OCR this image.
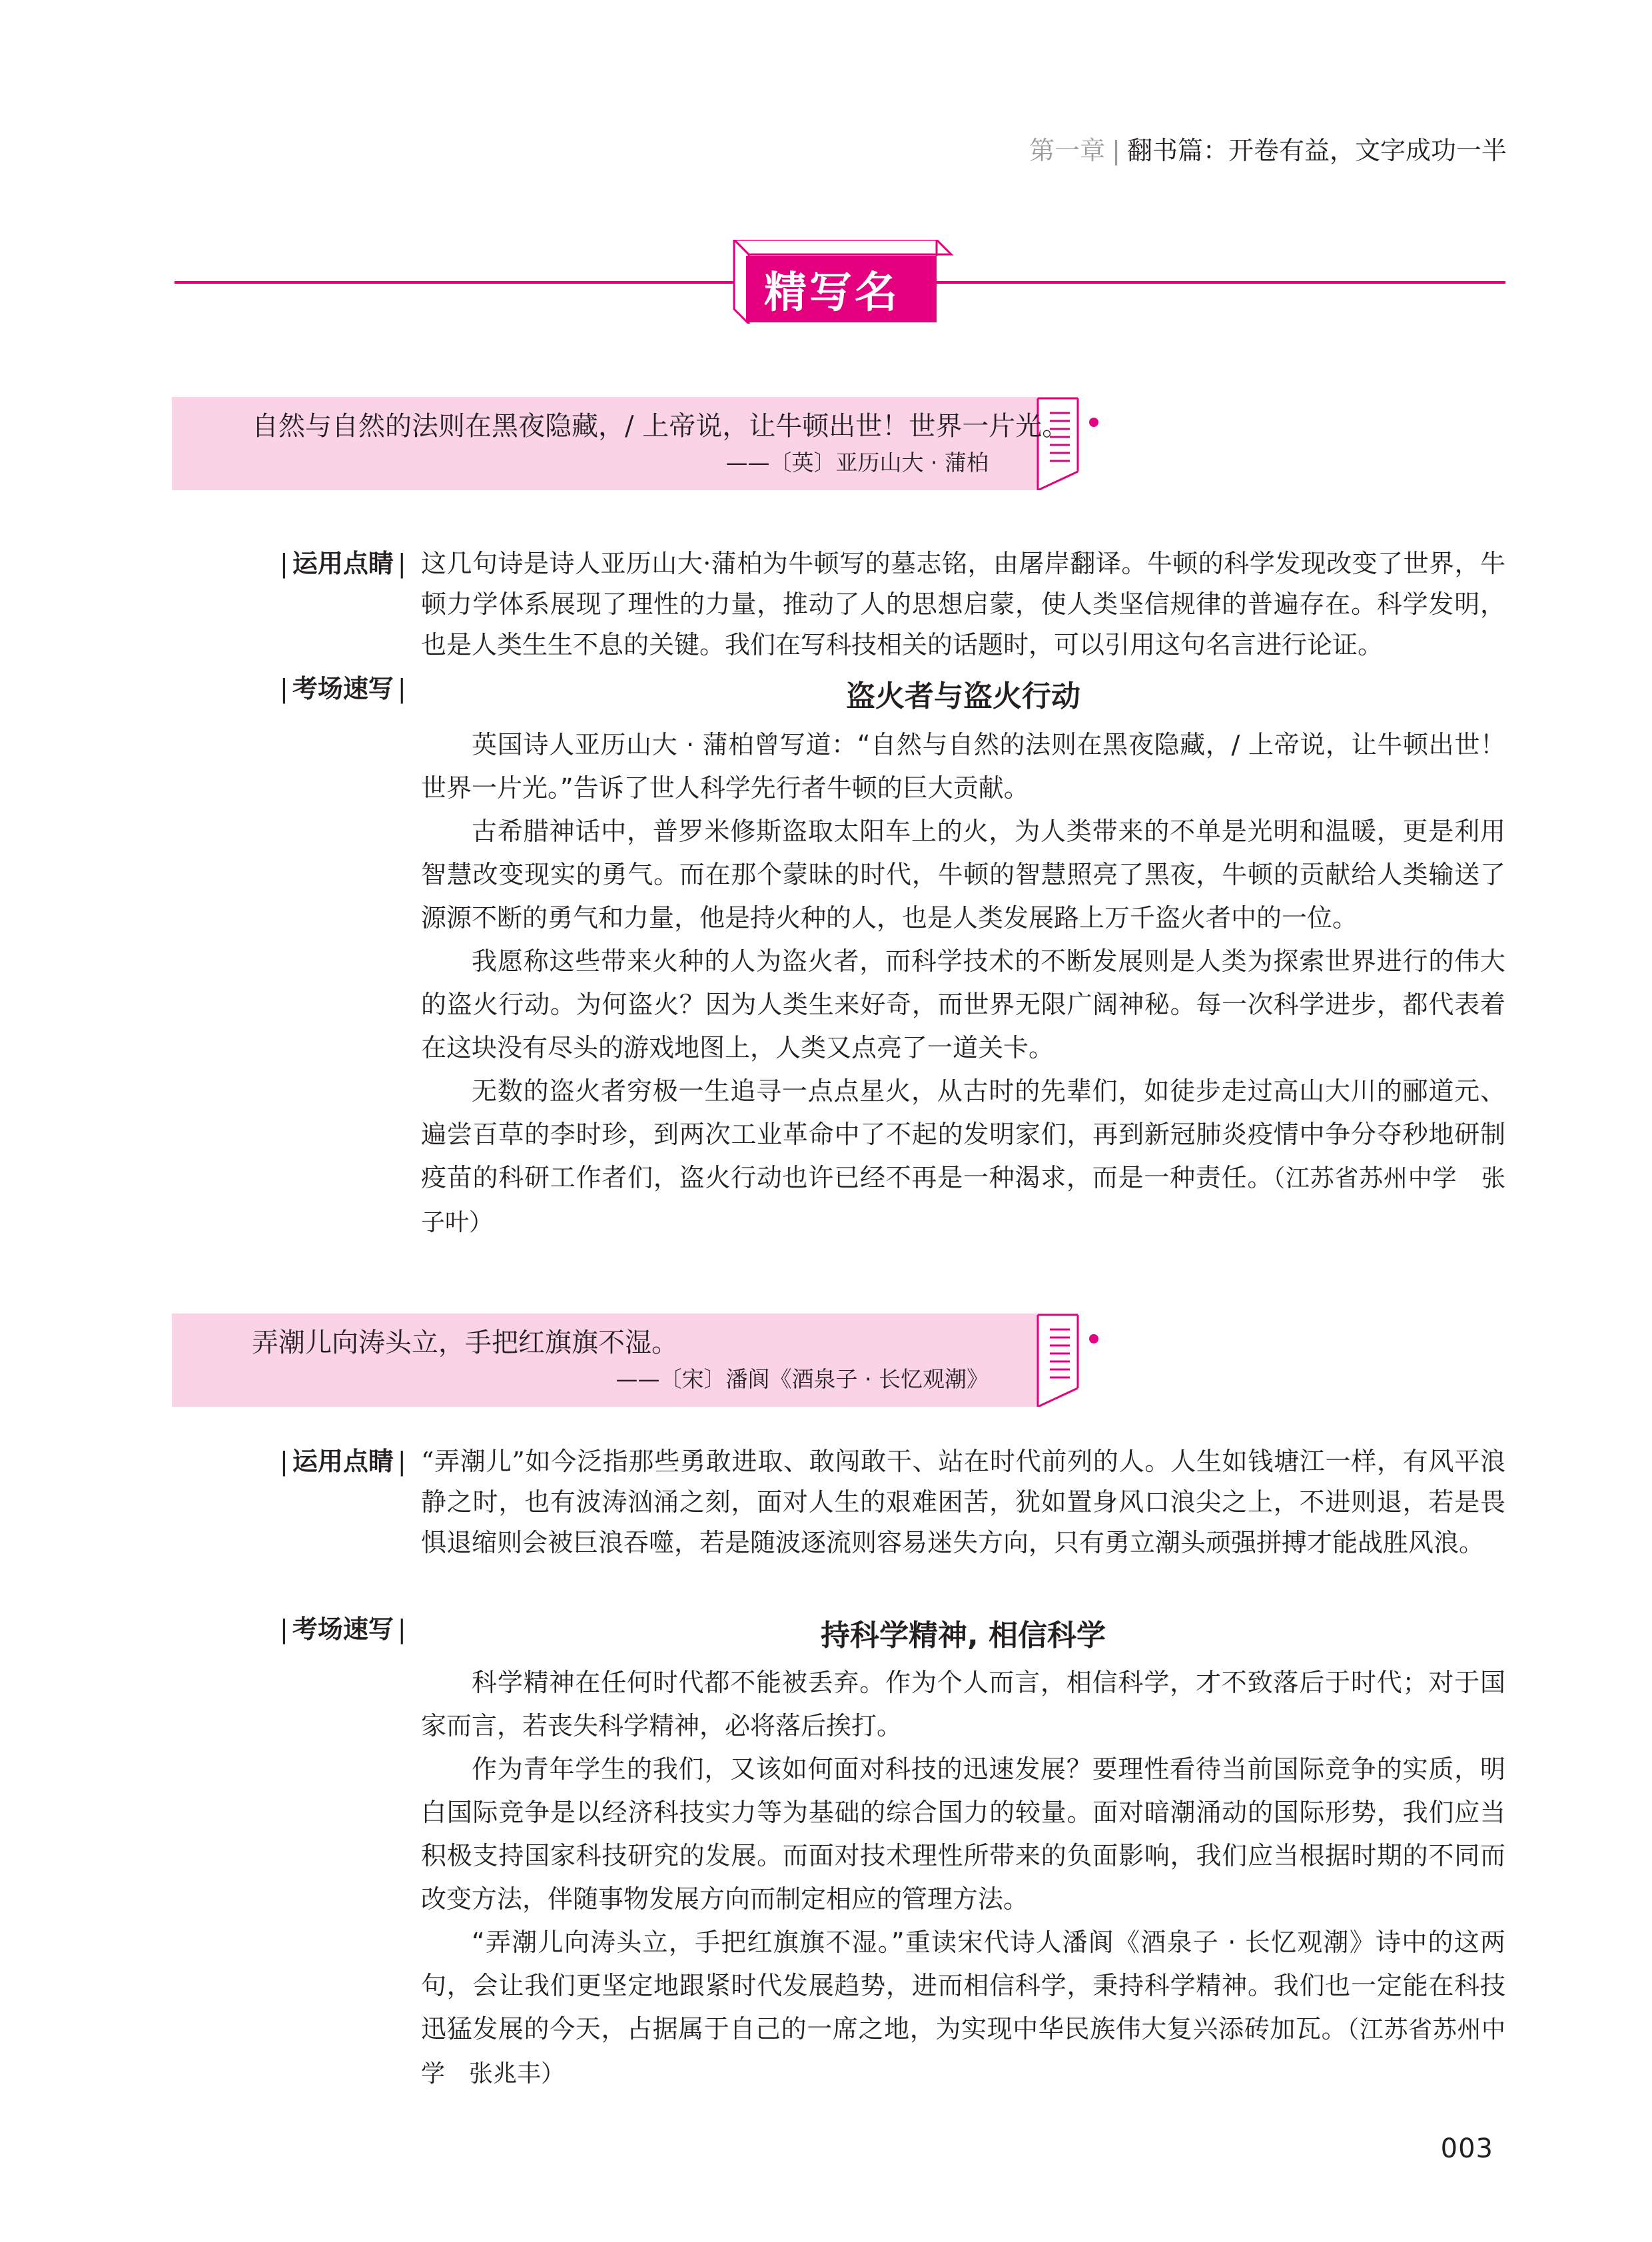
第一章 | 翻书篇：开卷有益，文字成功一半
精写名言
自然与自然的法则在黑夜隐藏，/ 上帝说，让牛顿出世！世界一片光。
——〔英〕亚历山大 · 蒲柏
| 运用点睛 | 这几句诗是诗人亚历山大·蒲柏为牛顿写的墓志铭，由屠岸翻译。牛顿的科学发现改变了世界，牛顿力学体系展现了理性的力量，推动了人的思想启蒙，使人类坚信规律的普遍存在。科学发明，也是人类生生不息的关键。我们在写科技相关的话题时，可以引用这句名言进行论证。

| 考场速写 |	盗火者与盗火行动

英国诗人亚历山大 · 蒲柏曾写道：“自然与自然的法则在黑夜隐藏，/ 上帝说，让牛顿出世！世界一片光。”告诉了世人科学先行者牛顿的巨大贡献。

古希腊神话中，普罗米修斯盗取太阳车上的火，为人类带来的不单是光明和温暖，更是利用智慧改变现实的勇气。而在那个蒙昧的时代，牛顿的智慧照亮了黑夜，牛顿的贡献给人类输送了源源不断的勇气和力量，他是持火种的人，也是人类发展路上万千盗火者中的一位。

我愿称这些带来火种的人为盗火者，而科学技术的不断发展则是人类为探索世界进行的伟大的盗火行动。为何盗火？因为人类生来好奇，而世界无限广阔神秘。每一次科学进步，都代表着在这块没有尽头的游戏地图上，人类又点亮了一道关卡。

无数的盗火者穷极一生追寻一点点星火，从古时的先辈们，如徒步走过高山大川的郦道元、遍尝百草的李时珍，到两次工业革命中了不起的发明家们，再到新冠肺炎疫情中争分夺秒地研制疫苗的科研工作者们，盗火行动也许已经不再是一种渴求，而是一种责任。（江苏省苏州中学　张子叶）

弄潮儿向涛头立，手把红旗旗不湿。
——〔宋〕潘阆《酒泉子 · 长忆观潮》
| 运用点睛 | “弄潮儿”如今泛指那些勇敢进取、敢闯敢干、站在时代前列的人。人生如钱塘江一样，有风平浪静之时，也有波涛汹涌之刻，面对人生的艰难困苦，犹如置身风口浪尖之上，不进则退，若是畏惧退缩则会被巨浪吞噬，若是随波逐流则容易迷失方向，只有勇立潮头顽强拼搏才能战胜风浪。

| 考场速写 |	持科学精神, 相信科学

科学精神在任何时代都不能被丢弃。作为个人而言，相信科学，才不致落后于时代；对于国家而言，若丧失科学精神，必将落后挨打。

作为青年学生的我们，又该如何面对科技的迅速发展？要理性看待当前国际竞争的实质，明白国际竞争是以经济科技实力等为基础的综合国力的较量。面对暗潮涌动的国际形势，我们应当积极支持国家科技研究的发展。而面对技术理性所带来的负面影响，我们应当根据时期的不同而改变方法，伴随事物发展方向而制定相应的管理方法。

“弄潮儿向涛头立，手把红旗旗不湿。”重读宋代诗人潘阆《酒泉子 · 长忆观潮》诗中的这两句，会让我们更坚定地跟紧时代发展趋势，进而相信科学，秉持科学精神。我们也一定能在科技迅猛发展的今天，占据属于自己的一席之地，为实现中华民族伟大复兴添砖加瓦。（江苏省苏州中学　张兆丰）

003
